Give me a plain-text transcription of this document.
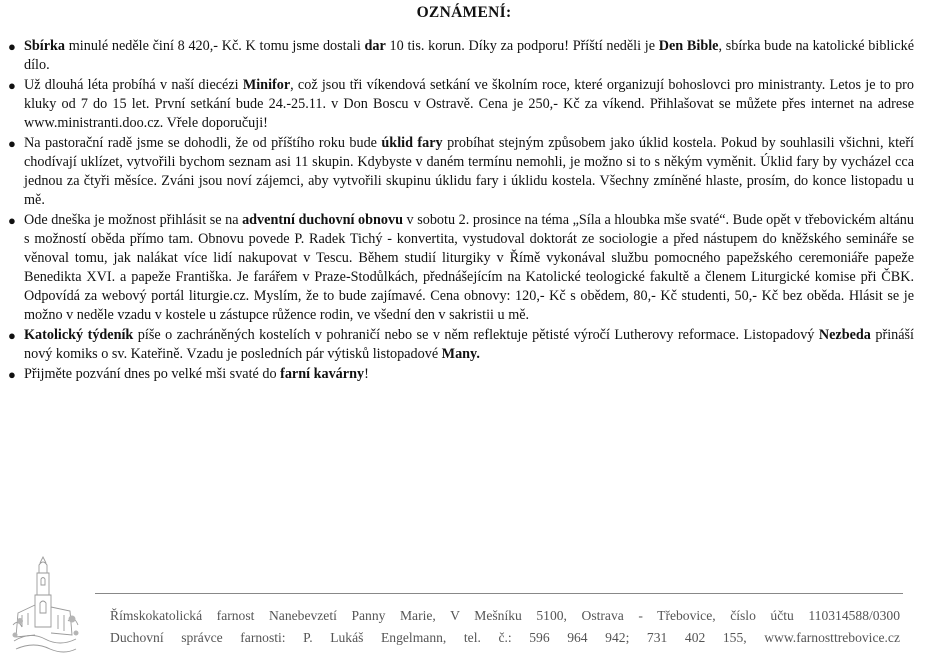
OZNÁMENÍ:
● Sbírka minulé neděle činí 8 420,- Kč. K tomu jsme dostali dar 10 tis. korun. Díky za podporu! Příští neděli je Den Bible, sbírka bude na katolické biblické dílo.
● Už dlouhá léta probíhá v naší diecézi Minifor, což jsou tři víkendová setkání ve školním roce, které organizují bohoslovci pro ministranty. Letos je to pro kluky od 7 do 15 let. První setkání bude 24.-25.11. v Don Boscu v Ostravě. Cena je 250,- Kč za víkend. Přihlašovat se můžete přes internet na adrese www.ministranti.doo.cz. Vřele doporučuji!
● Na pastorační radě jsme se dohodli, že od příštího roku bude úklid fary probíhat stejným způsobem jako úklid kostela. Pokud by souhlasili všichni, kteří chodívají uklízet, vytvořili bychom seznam asi 11 skupin. Kdybyste v daném termínu nemohli, je možno si to s někým vyměnit. Úklid fary by vycházel cca jednou za čtyři měsíce. Zváni jsou noví zájemci, aby vytvořili skupinu úklidu fary i úklidu kostela. Všechny zmíněné hlaste, prosím, do konce listopadu u mě.
● Ode dneška je možnost přihlásit se na adventní duchovní obnovu v sobotu 2. prosince na téma „Síla a hloubka mše svaté“. Bude opět v třebovickém altánu s možností oběda přímo tam. Obnovu povede P. Radek Tichý - konvertita, vystudoval doktorát ze sociologie a před nástupem do kněžského semináře se věnoval tomu, jak nalákat více lidí nakupovat v Tescu. Během studií liturgiky v Římě vykonával službu pomocného papežského ceremoniáře papeže Benedikta XVI. a papeže Františka. Je farářem v Praze-Stodůlkách, přednášejícím na Katolické teologické fakultě a členem Liturgické komise při ČBK. Odpovídá za webový portál liturgie.cz. Myslím, že to bude zajímavé. Cena obnovy: 120,- Kč s obědem, 80,- Kč studenti, 50,- Kč bez oběda. Hlásit se je možno v neděle vzadu v kostele u zástupce růžence rodin, ve všední den v sakristii u mě.
● Katolický týdeník píše o zachráněných kostelích v pohraničí nebo se v něm reflektuje pětisté výročí Lutherovy reformace. Listopadový Nezbeda přináší nový komiks o sv. Kateřině. Vzadu je posledních pár výtisků listopadové Many.
● Přijměte pozvání dnes po velké mši svaté do farní kavárny!
Římskokatolická farnost Nanebevzetí Panny Marie, V Mešníku 5100, Ostrava - Třebovice, číslo účtu 110314588/0300
Duchovní správce farnosti: P. Lukáš Engelmann, tel. č.: 596 964 942; 731 402 155, www.farnosttrebovice.cz
